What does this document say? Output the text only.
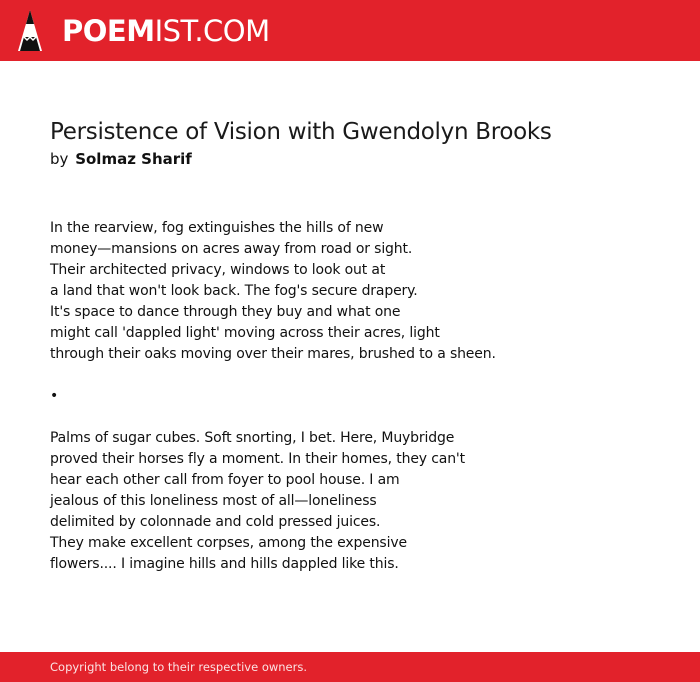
POEMIST.COM
Persistence of Vision with Gwendolyn Brooks
by Solmaz Sharif

In the rearview, fog extinguishes the hills of new
money—mansions on acres away from road or sight.
Their architected privacy, windows to look out at
a land that won't look back. The fog's secure drapery.
It's space to dance through they buy and what one
might call 'dappled light' moving across their acres, light
through their oaks moving over their mares, brushed to a sheen.

•

Palms of sugar cubes. Soft snorting, I bet. Here, Muybridge
proved their horses fly a moment. In their homes, they can't
hear each other call from foyer to pool house. I am
jealous of this loneliness most of all—loneliness
delimited by colonnade and cold pressed juices.
They make excellent corpses, among the expensive
flowers.... I imagine hills and hills dappled like this.

Copyright belong to their respective owners.
